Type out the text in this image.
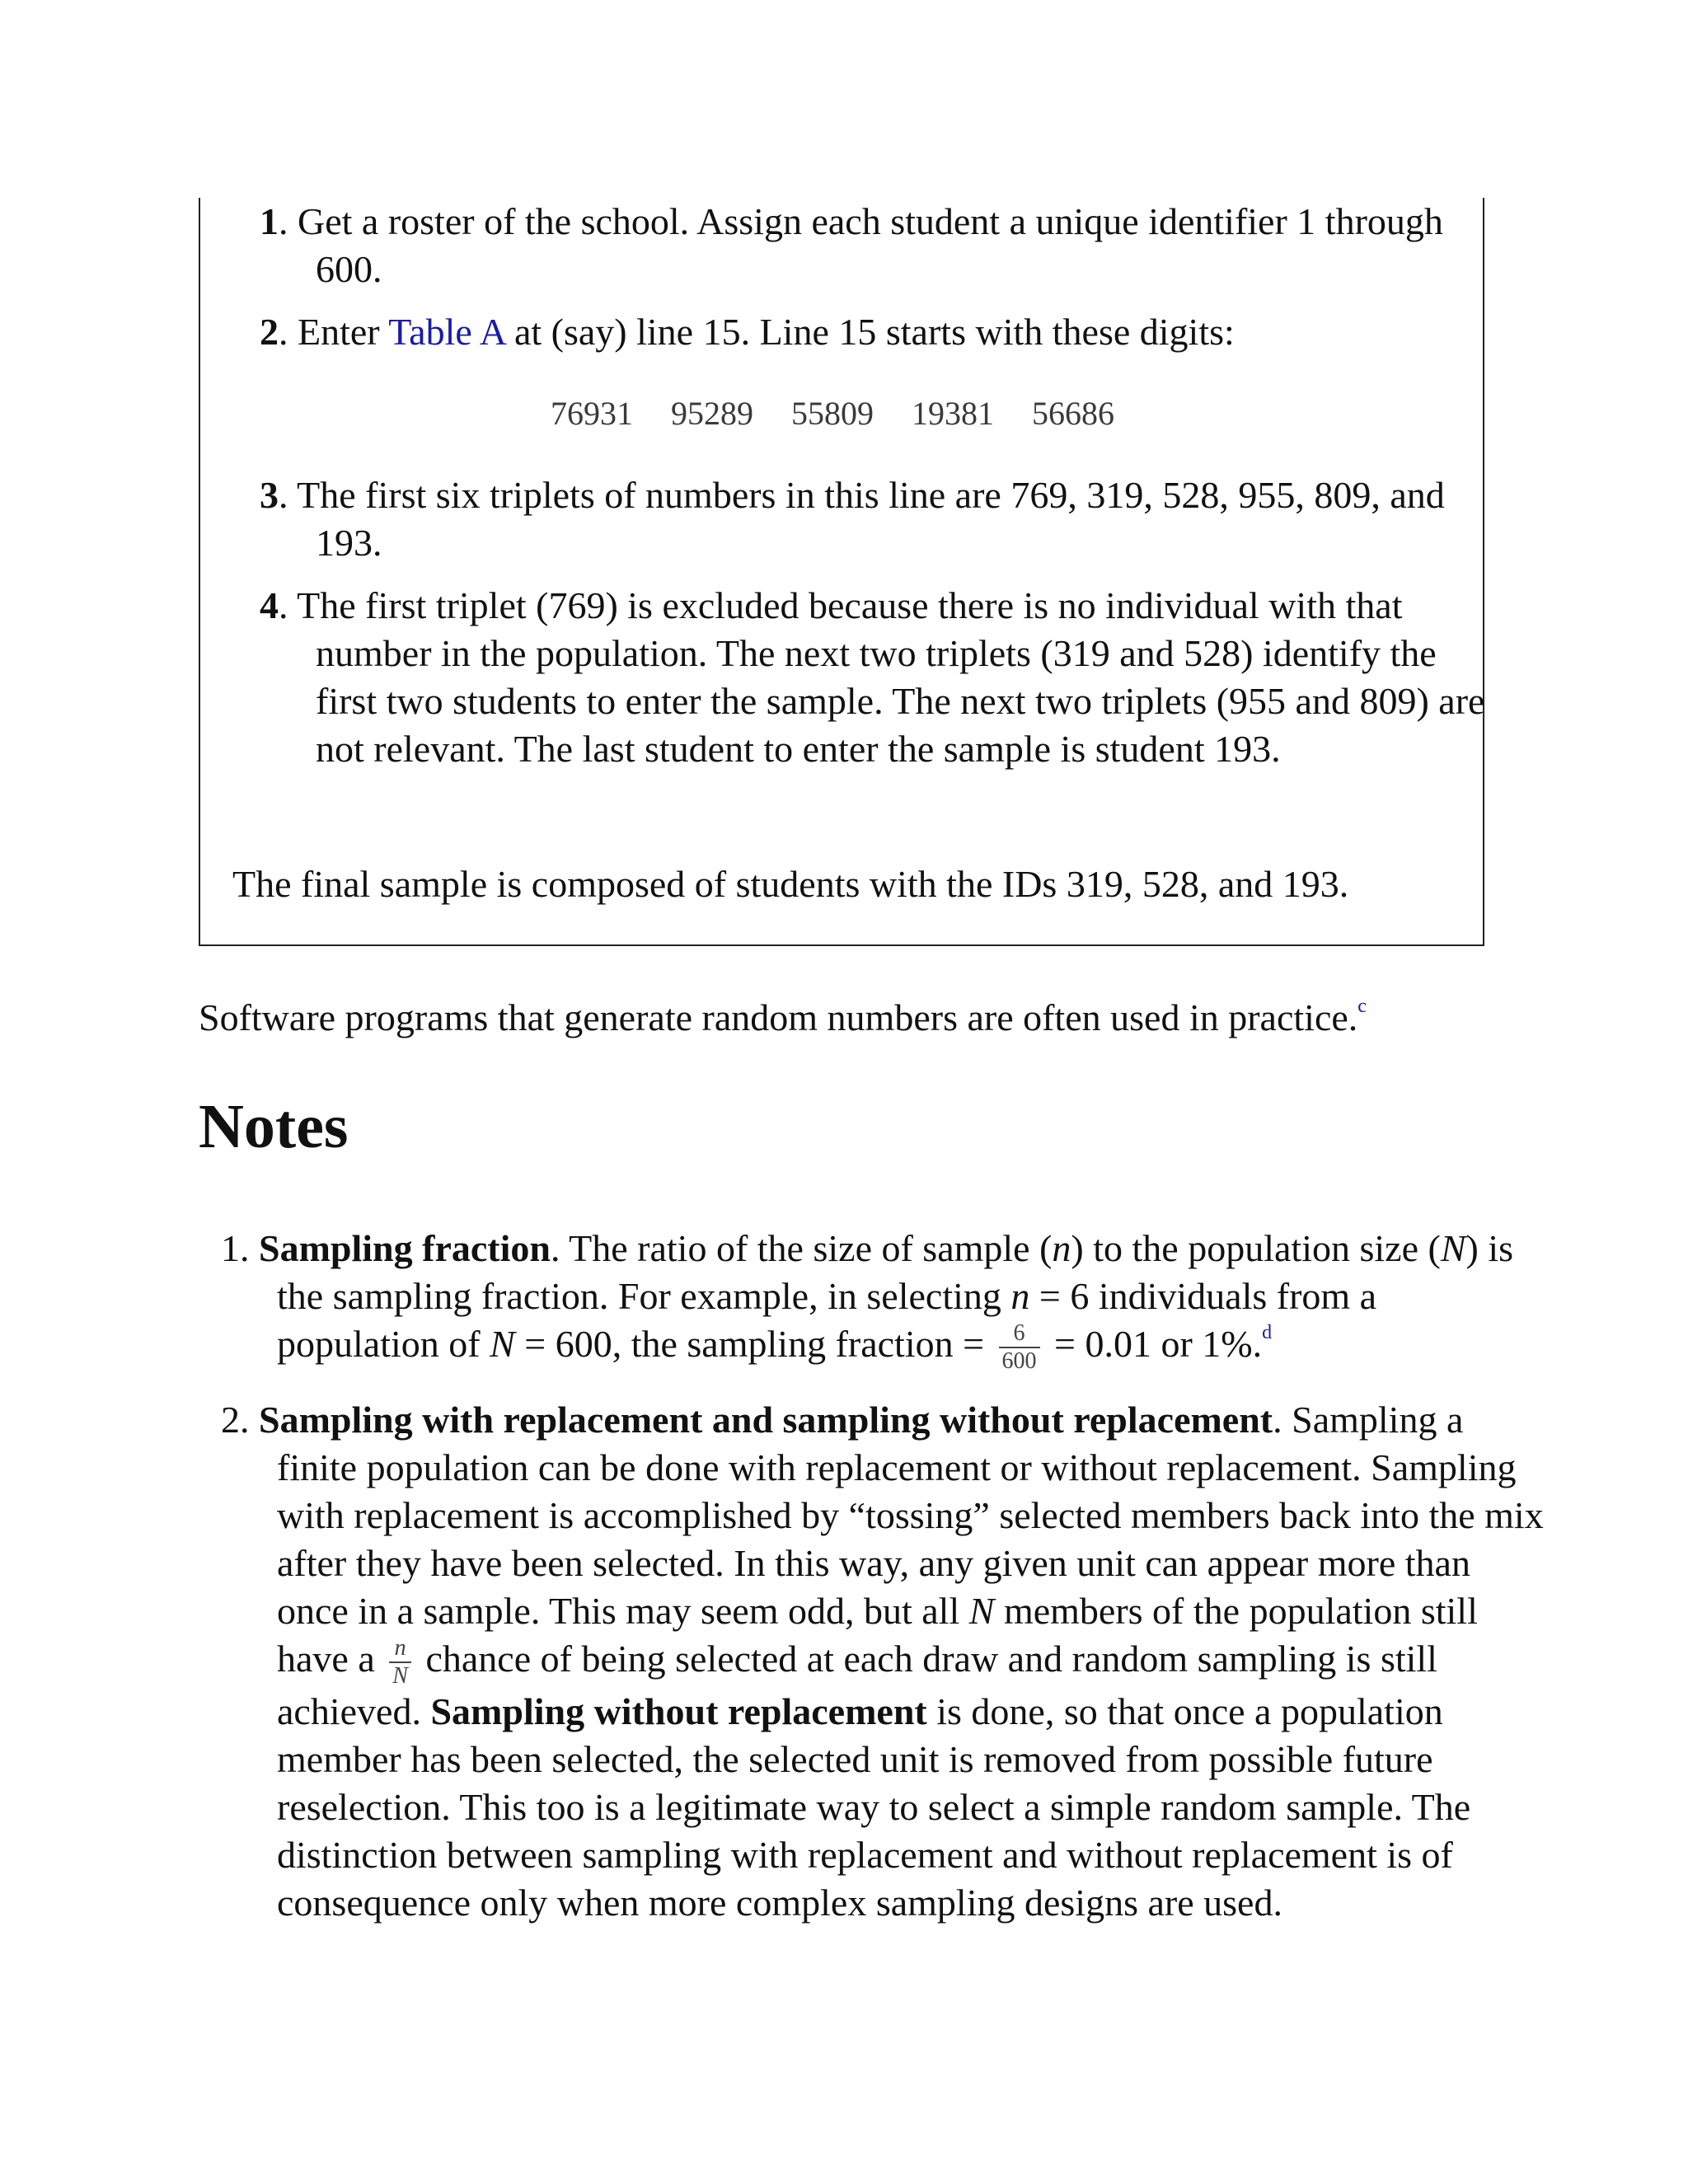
1. Get a roster of the school. Assign each student a unique identifier 1 through 600.
2. Enter Table A at (say) line 15. Line 15 starts with these digits:
76931 95289 55809 19381 56686
3. The first six triplets of numbers in this line are 769, 319, 528, 955, 809, and 193.
4. The first triplet (769) is excluded because there is no individual with that number in the population. The next two triplets (319 and 528) identify the first two students to enter the sample. The next two triplets (955 and 809) are not relevant. The last student to enter the sample is student 193.
The final sample is composed of students with the IDs 319, 528, and 193.
Software programs that generate random numbers are often used in practice.$^c$
Notes
1. Sampling fraction. The ratio of the size of sample (n) to the population size (N) is the sampling fraction. For example, in selecting n = 6 individuals from a population of N = 600, the sampling fraction = $\frac{6}{600} = 0.01$ or 1%.$^d$
2. Sampling with replacement and sampling without replacement. Sampling a finite population can be done with replacement or without replacement. Sampling with replacement is accomplished by “tossing” selected members back into the mix after they have been selected. In this way, any given unit can appear more than once in a sample. This may seem odd, but all N members of the population still have a $\frac{n}{N}$ chance of being selected at each draw and random sampling is still achieved. Sampling without replacement is done, so that once a population member has been selected, the selected unit is removed from possible future reselection. This too is a legitimate way to select a simple random sample. The distinction between sampling with replacement and without replacement is of consequence only when more complex sampling designs are used.
